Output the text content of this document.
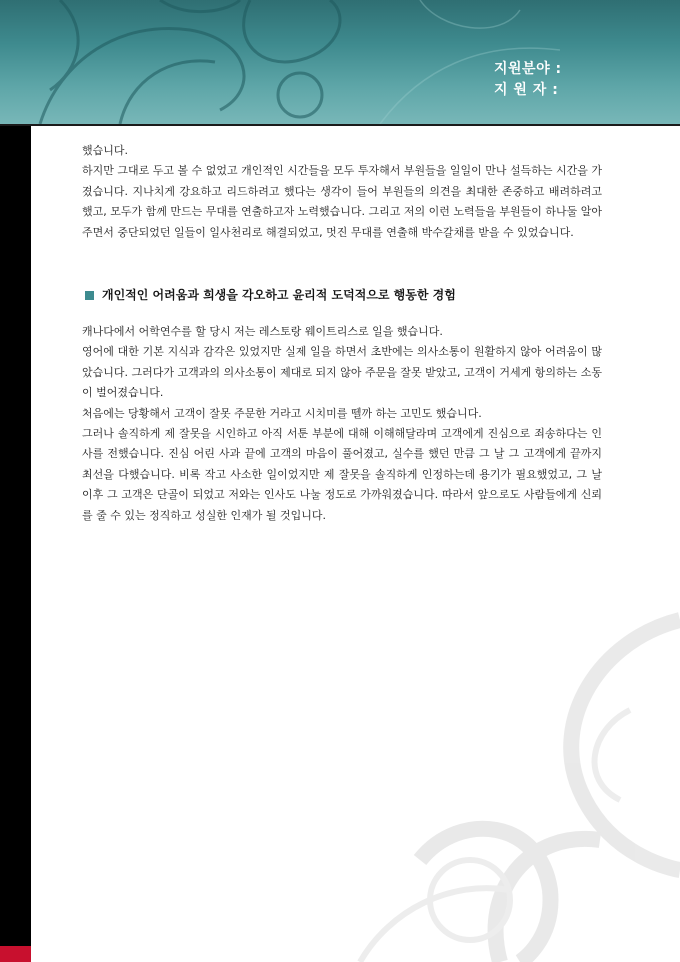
지원분야 :
지 원 자 :

했습니다.

하지만 그대로 두고 볼 수 없었고 개인적인 시간들을 모두 투자해서 부원들을 일일이 만나 설득하는 시간을 가졌습니다. 지나치게 강요하고 리드하려고 했다는 생각이 들어 부원들의 의견을 최대한 존중하고 배려하려고 했고, 모두가 함께 만드는 무대를 연출하고자 노력했습니다. 그리고 저의 이런 노력들을 부원들이 하나둘 알아주면서 중단되었던 일들이 일사천리로 해결되었고, 멋진 무대를 연출해 박수갈채를 받을 수 있었습니다.

개인적인 어려움과 희생을 각오하고 윤리적 도덕적으로 행동한 경험

캐나다에서 어학연수를 할 당시 저는 레스토랑 웨이트리스로 일을 했습니다.

영어에 대한 기본 지식과 감각은 있었지만 실제 일을 하면서 초반에는 의사소통이 원활하지 않아 어려움이 많았습니다. 그러다가 고객과의 의사소통이 제대로 되지 않아 주문을 잘못 받았고, 고객이 거세게 항의하는 소동이 벌어졌습니다.

처음에는 당황해서 고객이 잘못 주문한 거라고 시치미를 뗄까 하는 고민도 했습니다.

그러나 솔직하게 제 잘못을 시인하고 아직 서툰 부분에 대해 이해해달라며 고객에게 진심으로 죄송하다는 인사를 전했습니다. 진심 어린 사과 끝에 고객의 마음이 풀어졌고, 실수를 했던 만큼 그 날 그 고객에게 끝까지 최선을 다했습니다. 비록 작고 사소한 일이었지만 제 잘못을 솔직하게 인정하는데 용기가 필요했었고, 그 날 이후 그 고객은 단골이 되었고 저와는 인사도 나눌 정도로 가까워졌습니다. 따라서 앞으로도 사람들에게 신뢰를 줄 수 있는 정직하고 성실한 인재가 될 것입니다.
